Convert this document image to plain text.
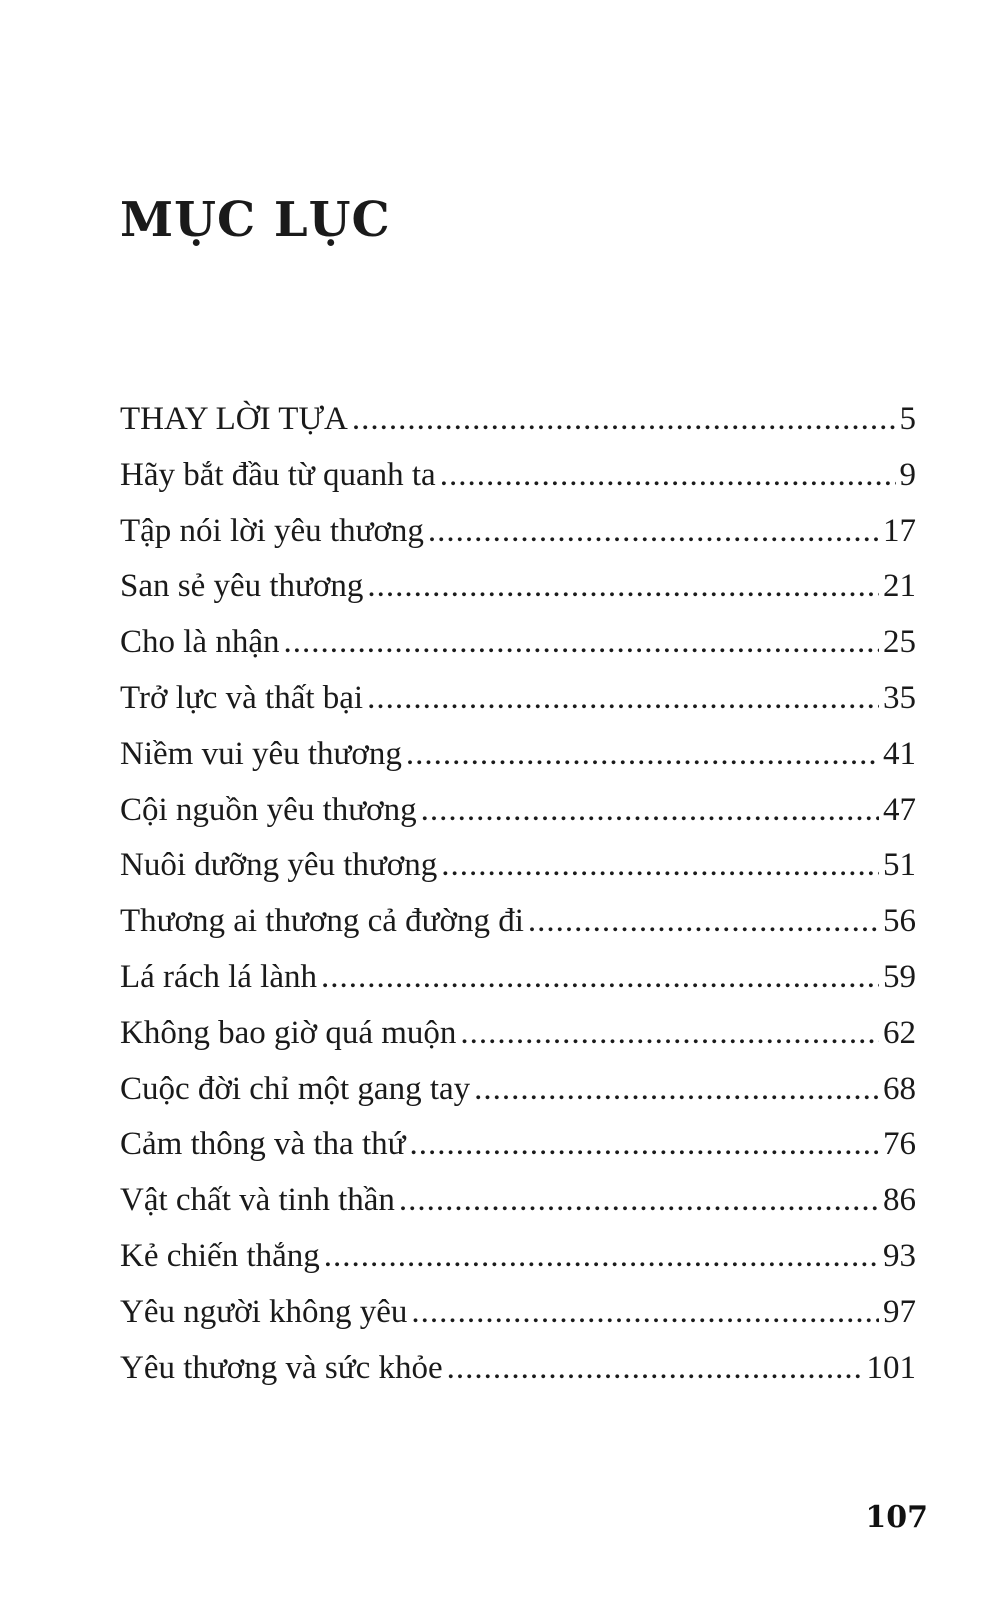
MỤC LỤC
THAY LỜI TỰA .....	5
Hãy bắt đầu từ quanh ta .....	9
Tập nói lời yêu thương .....	17
San sẻ yêu thương .....	21
Cho là nhận .....	25
Trở lực và thất bại .....	35
Niềm vui yêu thương .....	41
Cội nguồn yêu thương .....	47
Nuôi dưỡng yêu thương .....	51
Thương ai thương cả đường đi .....	56
Lá rách lá lành .....	59
Không bao giờ quá muộn .....	62
Cuộc đời chỉ một gang tay .....	68
Cảm thông và tha thứ .....	76
Vật chất và tinh thần .....	86
Kẻ chiến thắng .....	93
Yêu người không yêu .....	97
Yêu thương và sức khỏe .....	101
107
